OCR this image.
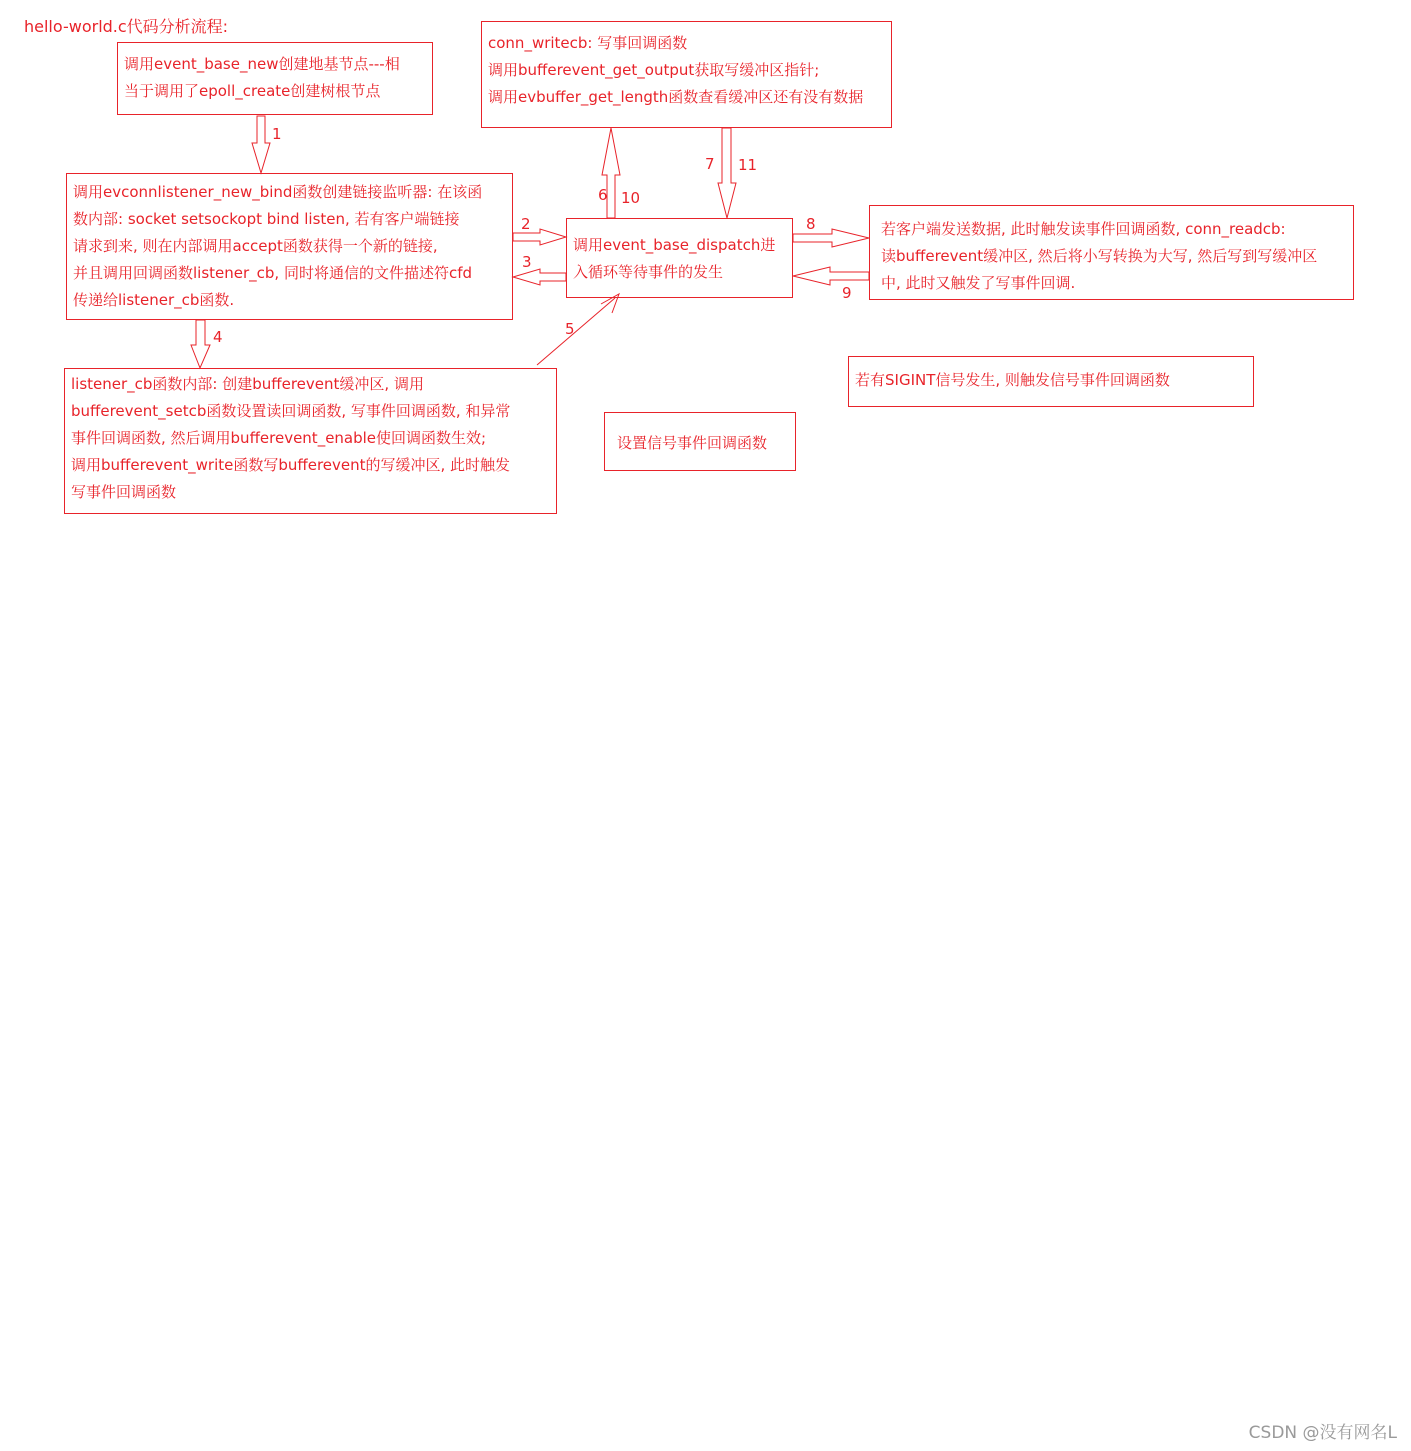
hello-world.c代码分析流程:
调用event_base_new创建地基节点---相
当于调用了epoll_create创建树根节点
调用evconnlistener_new_bind函数创建链接监听器: 在该函
数内部: socket setsockopt bind listen, 若有客户端链接
请求到来, 则在内部调用accept函数获得一个新的链接,
并且调用回调函数listener_cb, 同时将通信的文件描述符cfd
传递给listener_cb函数.
listener_cb函数内部: 创建bufferevent缓冲区, 调用
bufferevent_setcb函数设置读回调函数, 写事件回调函数, 和异常
事件回调函数, 然后调用bufferevent_enable使回调函数生效;
调用bufferevent_write函数写bufferevent的写缓冲区, 此时触发
写事件回调函数
调用event_base_dispatch进
入循环等待事件的发生
conn_writecb: 写事回调函数
调用bufferevent_get_output获取写缓冲区指针;
调用evbuffer_get_length函数查看缓冲区还有没有数据
若客户端发送数据, 此时触发读事件回调函数, conn_readcb:
读bufferevent缓冲区, 然后将小写转换为大写, 然后写到写缓冲区
中, 此时又触发了写事件回调.
若有SIGINT信号发生, 则触发信号事件回调函数
设置信号事件回调函数
1
2
3
4	5
6 10
7 11
8
9
CSDN @没有网名L
